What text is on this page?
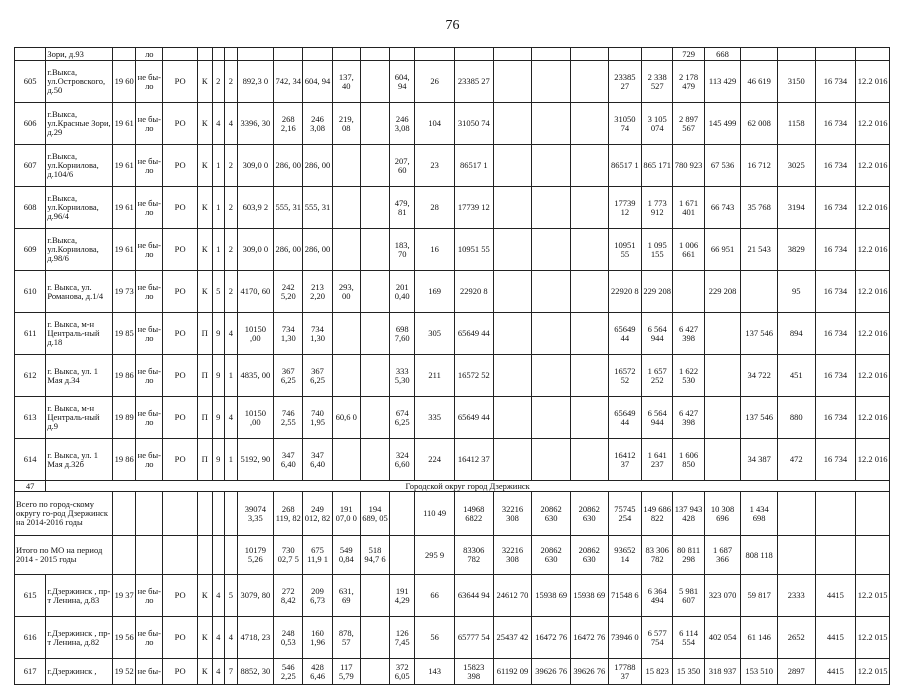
76
	Зори, д.93		ло																		729	668				
605	г.Выкса, ул.Островского, д.50	19 60	не бы-ло	РО	К	2	2	892,3 0	742, 34	604, 94	137, 40		604, 94	26	23385 27				23385 27	2 338 527	2 178 479	113 429	46 619	3150	16 734	12.2 016
606	г.Выкса, ул.Красные Зори, д.29	19 61	не бы-ло	РО	К	4	4	3396, 30	268 2,16	246 3,08	219, 08		246 3,08	104	31050 74				31050 74	3 105 074	2 897 567	145 499	62 008	1158	16 734	12.2 016
607	г.Выкса, ул.Корнилова, д.104/6	19 61	не бы-ло	РО	К	1	2	309,0 0	286, 00	286, 00			207, 60	23	86517 1				86517 1	865 171	780 923	67 536	16 712	3025	16 734	12.2 016
608	г.Выкса, ул.Корнилова, д.96/4	19 61	не бы-ло	РО	К	1	2	603,9 2	555, 31	555, 31			479, 81	28	17739 12				17739 12	1 773 912	1 671 401	66 743	35 768	3194	16 734	12.2 016
609	г.Выкса, ул.Корнилова, д.98/6	19 61	не бы-ло	РО	К	1	2	309,0 0	286, 00	286, 00			183, 70	16	10951 55				10951 55	1 095 155	1 006 661	66 951	21 543	3829	16 734	12.2 016
610	г. Выкса, ул. Романова, д.1/4	19 73	не бы-ло	РО	К	5	2	4170, 60	242 5,20	213 2,20	293, 00		201 0,40	169	22920 8				22920 8	229 208		229 208		95	16 734	12.2 016
611	г. Выкса, м-н Централь-ный д.18	19 85	не бы-ло	РО	П	9	4	10150 ,00	734 1,30	734 1,30			698 7,60	305	65649 44				65649 44	6 564 944	6 427 398		137 546	894	16 734	12.2 016
612	г. Выкса, ул. 1 Мая д.34	19 86	не бы-ло	РО	П	9	1	4835, 00	367 6,25	367 6,25			333 5,30	211	16572 52				16572 52	1 657 252	1 622 530		34 722	451	16 734	12.2 016
613	г. Выкса, м-н Централь-ный д.9	19 89	не бы-ло	РО	П	9	4	10150 ,00	746 2,55	740 1,95	60,6 0		674 6,25	335	65649 44				65649 44	6 564 944	6 427 398		137 546	880	16 734	12.2 016
614	г. Выкса, ул. 1 Мая д.32б	19 86	не бы-ло	РО	П	9	1	5192, 90	347 6,40	347 6,40			324 6,60	224	16412 37				16412 37	1 641 237	1 606 850		34 387	472	16 734	12.2 016
47	Городской округ город Дзержинск																									
Всего по город-скому округу го-род Дзержинск на 2014-2016 годы								39074 3,35	268 119, 82	249 012, 82	191 07,0 0	194 689, 05		110 49	14968 6822	32216 308	20862 630	20862 630	75745 254	149 686 822	137 943 428	10 308 696	1 434 698			
Итого по МО на период 2014 - 2015 годы								10179 5,26	730 02,7 5	675 11,9 1	549 0,84	518 94,7 6		295 9	83306 782	32216 308	20862 630	20862 630	93652 14	83 306 782	80 811 298	1 687 366	808 118			
615	г.Дзержинск , пр-т Ленина, д.83	19 37	не бы-ло	РО	К	4	5	3079, 80	272 8,42	209 6,73	631, 69		191 4,29	66	63644 94	24612 70	15938 69	15938 69	71548 6	6 364 494	5 981 607	323 070	59 817	2333	4415	12.2 015
616	г.Дзержинск , пр-т Ленина, д.82	19 56	не бы-ло	РО	К	4	4	4718, 23	248 0,53	160 1,96	878, 57		126 7,45	56	65777 54	25437 42	16472 76	16472 76	73946 0	6 577 754	6 114 554	402 054	61 146	2652	4415	12.2 015
617	г.Дзержинск ,	19 52	не бы-	РО	К	4	7	8852, 30	546 2,25	428 6,46	117 5,79		372 6,05	143	15823 398	61192 09	39626 76	39626 76	17788 37	15 823	15 350	318 937	153 510	2897	4415	12.2 015
